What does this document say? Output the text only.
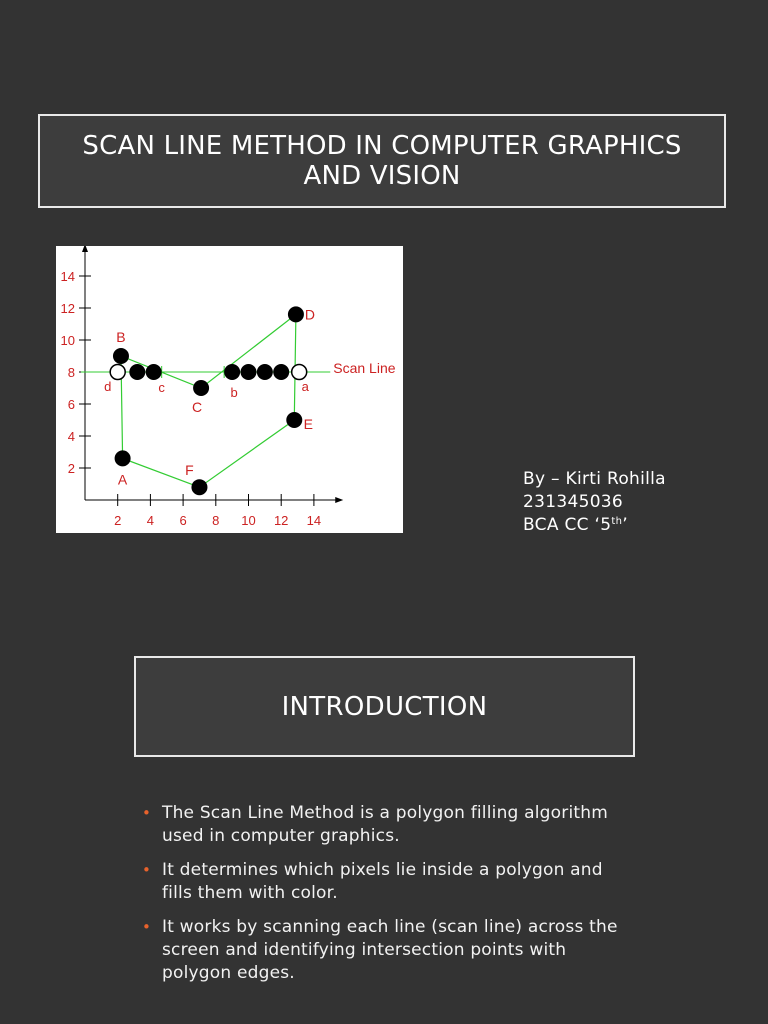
SCAN LINE METHOD IN COMPUTER GRAPHICS AND VISION
2 4 6 8 10 12 14
2
4
6
8
10
12
14
Scan Line
A
B
C
D
E
F
d	c	b	a
By – Kirti Rohilla
231345036
BCA CC ‘5th’
INTRODUCTION
• The Scan Line Method is a polygon filling algorithm used in computer graphics.
• It determines which pixels lie inside a polygon and fills them with color.
• It works by scanning each line (scan line) across the screen and identifying intersection points with polygon edges.
